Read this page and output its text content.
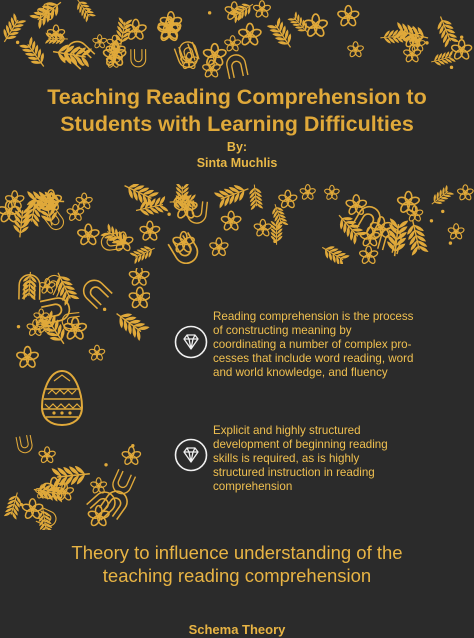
Teaching Reading Comprehension to
Students with Learning Difficulties
By:
Sinta Muchlis
Reading comprehension is the process
of constructing meaning by
coordinating a number of complex pro-
cesses that include word reading, word
and world knowledge, and fluency
Explicit and highly structured
development of beginning reading
skills is required, as is highly
structured instruction in reading
comprehension
Theory to influence understanding of the
teaching reading comprehension
Schema Theory
